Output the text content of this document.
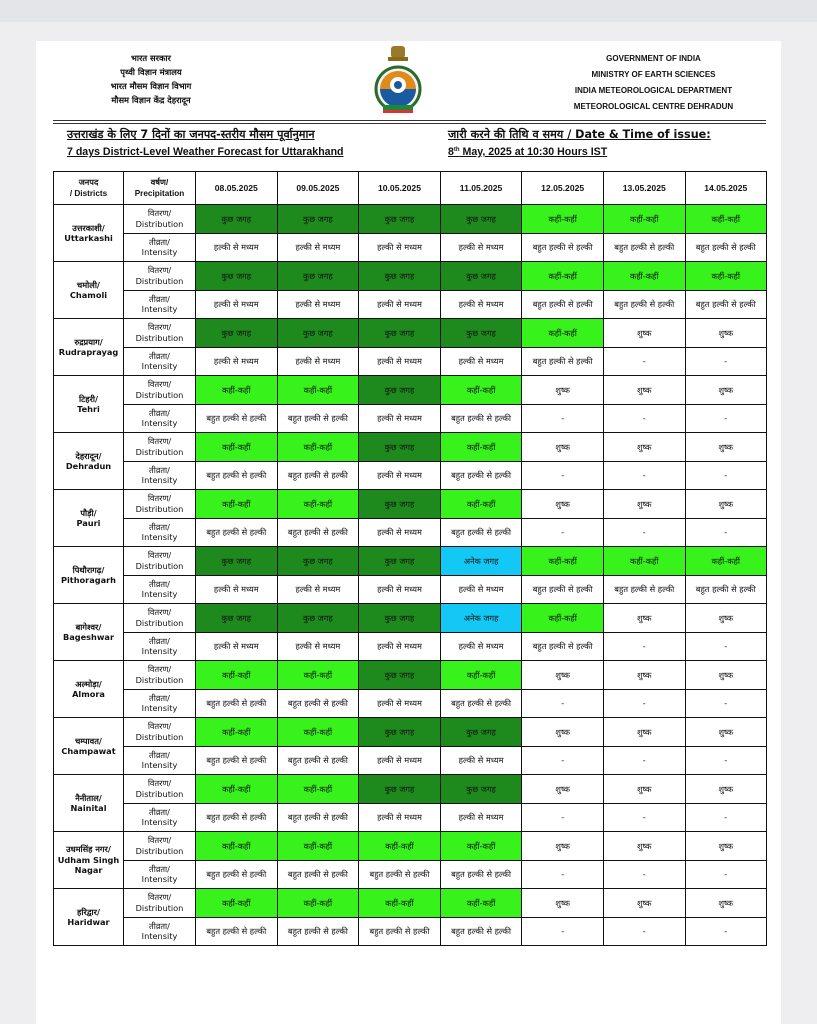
भारत सरकार
पृथ्वी विज्ञान मंत्रालय
भारत मौसम विज्ञान विभाग
मौसम विज्ञान केंद्र देहरादून
GOVERNMENT OF INDIA
MINISTRY OF EARTH SCIENCES
INDIA METEOROLOGICAL DEPARTMENT
METEOROLOGICAL CENTRE DEHRADUN
उत्तराखंड के लिए 7 दिनों का जनपद-स्तरीय मौसम पूर्वानुमान
7 days District-Level Weather Forecast for Uttarakhand
जारी करने की तिथि व समय / Date & Time of issue:
8th May, 2025 at 10:30 Hours IST
जनपद
/ Districts	वर्षण/
Precipitation	08.05.2025	09.05.2025	10.05.2025	11.05.2025	12.05.2025	13.05.2025	14.05.2025
उत्तरकाशी/
Uttarkashi	वितरण/
Distribution	कुछ जगह	कुछ जगह	कुछ जगह	कुछ जगह	कहीं-कहीं	कहीं-कहीं	कहीं-कहीं
	तीव्रता/
Intensity	हल्की से मध्यम	हल्की से मध्यम	हल्की से मध्यम	हल्की से मध्यम	बहुत हल्की से हल्की	बहुत हल्की से हल्की	बहुत हल्की से हल्की
चमोली/
Chamoli	वितरण/
Distribution	कुछ जगह	कुछ जगह	कुछ जगह	कुछ जगह	कहीं-कहीं	कहीं-कहीं	कहीं-कहीं
	तीव्रता/
Intensity	हल्की से मध्यम	हल्की से मध्यम	हल्की से मध्यम	हल्की से मध्यम	बहुत हल्की से हल्की	बहुत हल्की से हल्की	बहुत हल्की से हल्की
रुद्रप्रयाग/
Rudraprayag	वितरण/
Distribution	कुछ जगह	कुछ जगह	कुछ जगह	कुछ जगह	कहीं-कहीं	शुष्क	शुष्क
	तीव्रता/
Intensity	हल्की से मध्यम	हल्की से मध्यम	हल्की से मध्यम	हल्की से मध्यम	बहुत हल्की से हल्की	-	-
टिहरी/
Tehri	वितरण/
Distribution	कहीं-कहीं	कहीं-कहीं	कुछ जगह	कहीं-कहीं	शुष्क	शुष्क	शुष्क
	तीव्रता/
Intensity	बहुत हल्की से हल्की	बहुत हल्की से हल्की	हल्की से मध्यम	बहुत हल्की से हल्की	-	-	-
देहरादून/
Dehradun	वितरण/
Distribution	कहीं-कहीं	कहीं-कहीं	कुछ जगह	कहीं-कहीं	शुष्क	शुष्क	शुष्क
	तीव्रता/
Intensity	बहुत हल्की से हल्की	बहुत हल्की से हल्की	हल्की से मध्यम	बहुत हल्की से हल्की	-	-	-
पौड़ी/
Pauri	वितरण/
Distribution	कहीं-कहीं	कहीं-कहीं	कुछ जगह	कहीं-कहीं	शुष्क	शुष्क	शुष्क
	तीव्रता/
Intensity	बहुत हल्की से हल्की	बहुत हल्की से हल्की	हल्की से मध्यम	बहुत हल्की से हल्की	-	-	-
पिथौरागढ़/
Pithoragarh	वितरण/
Distribution	कुछ जगह	कुछ जगह	कुछ जगह	अनेक जगह	कहीं-कहीं	कहीं-कहीं	कहीं-कहीं
	तीव्रता/
Intensity	हल्की से मध्यम	हल्की से मध्यम	हल्की से मध्यम	हल्की से मध्यम	बहुत हल्की से हल्की	बहुत हल्की से हल्की	बहुत हल्की से हल्की
बागेश्वर/
Bageshwar	वितरण/
Distribution	कुछ जगह	कुछ जगह	कुछ जगह	अनेक जगह	कहीं-कहीं	शुष्क	शुष्क
	तीव्रता/
Intensity	हल्की से मध्यम	हल्की से मध्यम	हल्की से मध्यम	हल्की से मध्यम	बहुत हल्की से हल्की	-	-
अल्मोड़ा/
Almora	वितरण/
Distribution	कहीं-कहीं	कहीं-कहीं	कुछ जगह	कहीं-कहीं	शुष्क	शुष्क	शुष्क
	तीव्रता/
Intensity	बहुत हल्की से हल्की	बहुत हल्की से हल्की	हल्की से मध्यम	बहुत हल्की से हल्की	-	-	-
चम्पावत/
Champawat	वितरण/
Distribution	कहीं-कहीं	कहीं-कहीं	कुछ जगह	कुछ जगह	शुष्क	शुष्क	शुष्क
	तीव्रता/
Intensity	बहुत हल्की से हल्की	बहुत हल्की से हल्की	हल्की से मध्यम	हल्की से मध्यम	-	-	-
नैनीताल/
Nainital	वितरण/
Distribution	कहीं-कहीं	कहीं-कहीं	कुछ जगह	कुछ जगह	शुष्क	शुष्क	शुष्क
	तीव्रता/
Intensity	बहुत हल्की से हल्की	बहुत हल्की से हल्की	हल्की से मध्यम	हल्की से मध्यम	-	-	-
उधमसिंह नगर/
Udham Singh Nagar	वितरण/
Distribution	कहीं-कहीं	कहीं-कहीं	कहीं-कहीं	कहीं-कहीं	शुष्क	शुष्क	शुष्क
	तीव्रता/
Intensity	बहुत हल्की से हल्की	बहुत हल्की से हल्की	बहुत हल्की से हल्की	बहुत हल्की से हल्की	-	-	-
हरिद्वार/
Haridwar	वितरण/
Distribution	कहीं-कहीं	कहीं-कहीं	कहीं-कहीं	कहीं-कहीं	शुष्क	शुष्क	शुष्क
	तीव्रता/
Intensity	बहुत हल्की से हल्की	बहुत हल्की से हल्की	बहुत हल्की से हल्की	बहुत हल्की से हल्की	-	-	-
